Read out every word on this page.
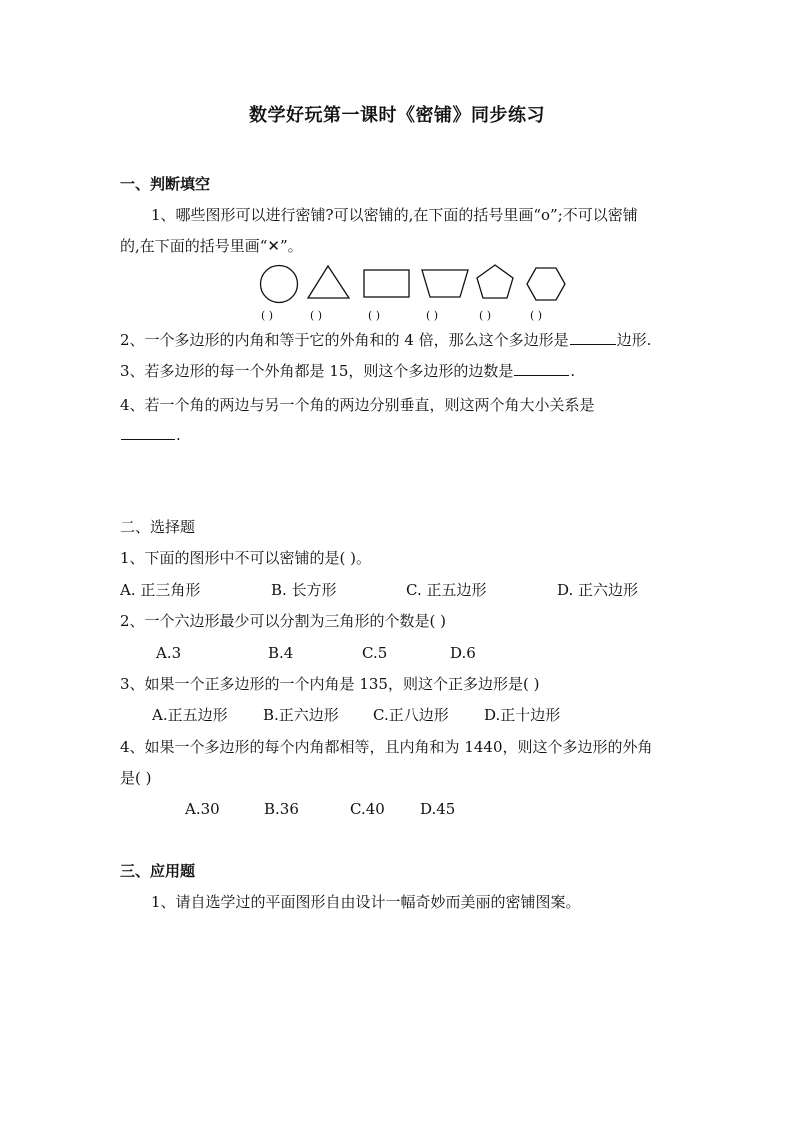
数学好玩第一课时《密铺》同步练习
一、判断填空
1、哪些图形可以进行密铺?可以密铺的,在下面的括号里画“o”;不可以密铺
的,在下面的括号里画“✕”。
( )	( )	( )	( )	( )	( )
2、一个多边形的内角和等于它的外角和的 4 倍，那么这个多边形是	边形.
3、若多边形的每一个外角都是 15，则这个多边形的边数是	.
4、若一个角的两边与另一个角的两边分别垂直，则这两个角大小关系是
.
二、选择题
1、下面的图形中不可以密铺的是( )。
A. 正三角形	B. 长方形	C. 正五边形	D. 正六边形
2、一个六边形最少可以分割为三角形的个数是( )
A.3	B.4	C.5	D.6
3、如果一个正多边形的一个内角是 135，则这个正多边形是( )
A.正五边形 B.正六边形 C.正八边形 D.正十边形
4、如果一个多边形的每个内角都相等，且内角和为 1440，则这个多边形的外角
是( )
A.30	B.36	C.40 D.45
三、应用题
1、请自选学过的平面图形自由设计一幅奇妙而美丽的密铺图案。
